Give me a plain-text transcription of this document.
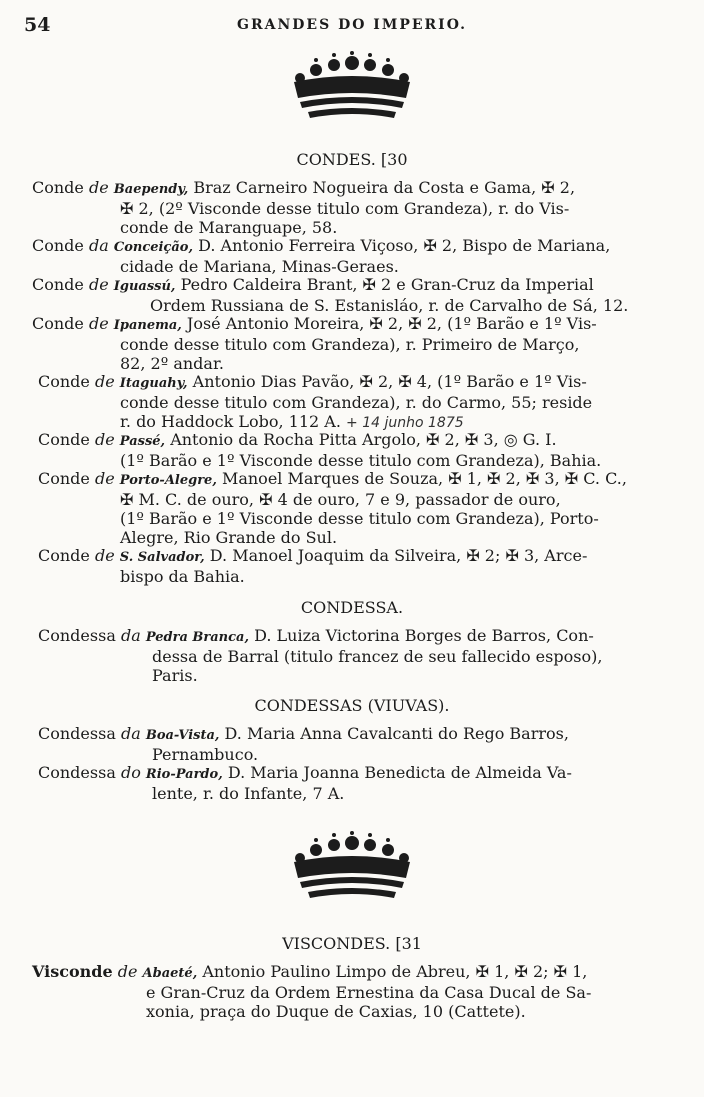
54	GRANDES DO IMPERIO.
CONDES. [30

Conde de Baependy, Braz Carneiro Nogueira da Costa e Gama, ✠ 2,

✠ 2, (2º Visconde desse titulo com Grandeza), r. do Vis-

conde de Maranguape, 58.

Conde da Conceição, D. Antonio Ferreira Viçoso, ✠ 2, Bispo de Mariana,

cidade de Mariana, Minas-Geraes.

Conde de Iguassú, Pedro Caldeira Brant, ✠ 2 e Gran-Cruz da Imperial

Ordem Russiana de S. Estanisláo, r. de Carvalho de Sá, 12.

Conde de Ipanema, José Antonio Moreira, ✠ 2, ✠ 2, (1º Barão e 1º Vis-

conde desse titulo com Grandeza), r. Primeiro de Março,

82, 2º andar.

Conde de Itaguahy, Antonio Dias Pavão, ✠ 2, ✠ 4, (1º Barão e 1º Vis-

conde desse titulo com Grandeza), r. do Carmo, 55; reside

r. do Haddock Lobo, 112 A. + 14 junho 1875

Conde de Passé, Antonio da Rocha Pitta Argolo, ✠ 2, ✠ 3, ◎ G. I.

(1º Barão e 1º Visconde desse titulo com Grandeza), Bahia.

Conde de Porto-Alegre, Manoel Marques de Souza, ✠ 1, ✠ 2, ✠ 3, ✠ C. C.,

✠ M. C. de ouro, ✠ 4 de ouro, 7 e 9, passador de ouro,

(1º Barão e 1º Visconde desse titulo com Grandeza), Porto-

Alegre, Rio Grande do Sul.

Conde de S. Salvador, D. Manoel Joaquim da Silveira, ✠ 2; ✠ 3, Arce-

bispo da Bahia.

CONDESSA.

Condessa da Pedra Branca, D. Luiza Victorina Borges de Barros, Con-

dessa de Barral (titulo francez de seu fallecido esposo),

Paris.

CONDESSAS (VIUVAS).

Condessa da Boa-Vista, D. Maria Anna Cavalcanti do Rego Barros,

Pernambuco.

Condessa do Rio-Pardo, D. Maria Joanna Benedicta de Almeida Va-

lente, r. do Infante, 7 A.

VISCONDES. [31

Visconde de Abaeté, Antonio Paulino Limpo de Abreu, ✠ 1, ✠ 2; ✠ 1,

e Gran-Cruz da Ordem Ernestina da Casa Ducal de Sa-

xonia, praça do Duque de Caxias, 10 (Cattete).
